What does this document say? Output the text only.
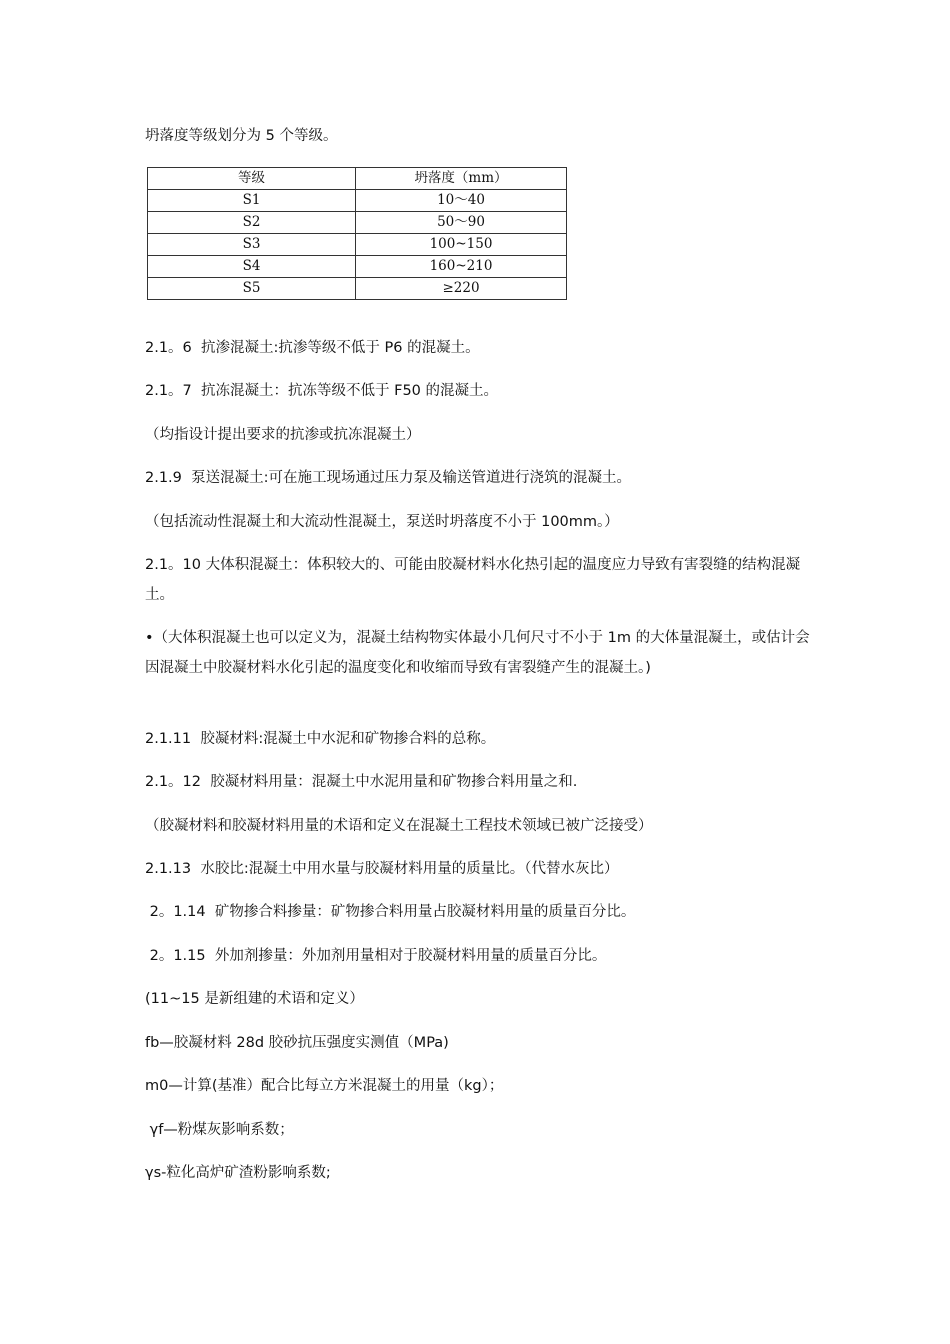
坍落度等级划分为 5 个等级。

等级	坍落度（mm）
S1	10～40
S2	50～90
S3	100~150
S4	160~210
S5	≥220

2.1。6  抗渗混凝土:抗渗等级不低于 P6 的混凝土。

2.1。7  抗冻混凝土：抗冻等级不低于 F50 的混凝土。

（均指设计提出要求的抗渗或抗冻混凝土）

2.1.9  泵送混凝土:可在施工现场通过压力泵及输送管道进行浇筑的混凝土。

（包括流动性混凝土和大流动性混凝土，泵送时坍落度不小于 100mm。）

2.1。10 大体积混凝土：体积较大的、可能由胶凝材料水化热引起的温度应力导致有害裂缝的结构混凝土。

•（大体积混凝土也可以定义为，混凝土结构物实体最小几何尺寸不小于 1m 的大体量混凝土，或估计会因混凝土中胶凝材料水化引起的温度变化和收缩而导致有害裂缝产生的混凝土。)

2.1.11  胶凝材料:混凝土中水泥和矿物掺合料的总称。

2.1。12  胶凝材料用量：混凝土中水泥用量和矿物掺合料用量之和.

（胶凝材料和胶凝材料用量的术语和定义在混凝土工程技术领域已被广泛接受）

2.1.13  水胶比:混凝土中用水量与胶凝材料用量的质量比。（代替水灰比）

2。1.14  矿物掺合料掺量：矿物掺合料用量占胶凝材料用量的质量百分比。

2。1.15  外加剂掺量：外加剂用量相对于胶凝材料用量的质量百分比。

(11~15 是新组建的术语和定义）

fb—胶凝材料 28d 胶砂抗压强度实测值（MPa)

m0—计算(基准）配合比每立方米混凝土的用量（kg）；

γf—粉煤灰影响系数；

γs-粒化高炉矿渣粉影响系数;
